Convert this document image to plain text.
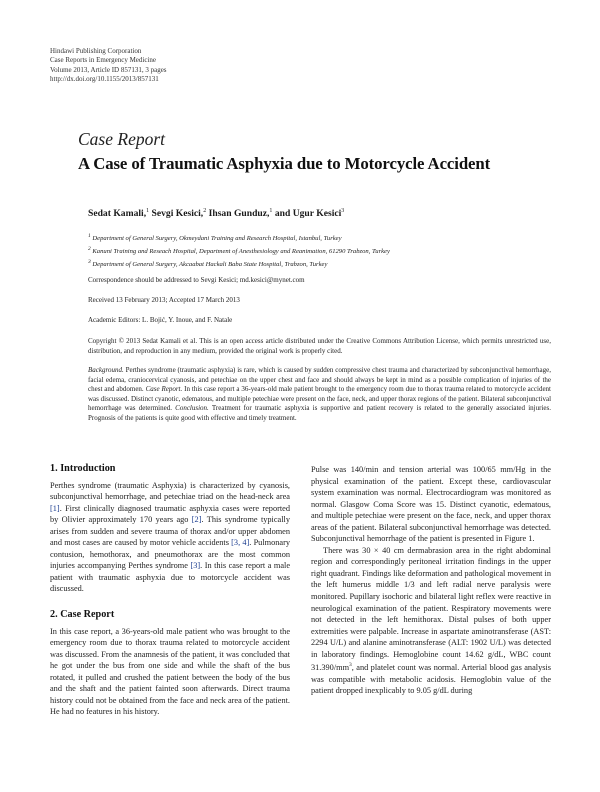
Hindawi Publishing Corporation
Case Reports in Emergency Medicine
Volume 2013, Article ID 857131, 3 pages
http://dx.doi.org/10.1155/2013/857131
Case Report
A Case of Traumatic Asphyxia due to Motorcycle Accident
Sedat Kamali,$^1$ Sevgi Kesici,$^2$ Ihsan Gunduz,$^1$ and Ugur Kesici$^3$
$^1$ Department of General Surgery, Okmeydani Training and Research Hospital, Istanbul, Turkey
$^2$ Kanuni Training and Reseach Hospital, Department of Anesthesiology and Reanimation, 61290 Trabzon, Turkey
$^3$ Department of General Surgery, Akcaabat Hackali Baba State Hospital, Trabzon, Turkey
Correspondence should be addressed to Sevgi Kesici; md.kesici@mynet.com
Received 13 February 2013; Accepted 17 March 2013
Academic Editors: L. Bojić, Y. Inoue, and F. Natale
Copyright © 2013 Sedat Kamali et al. This is an open access article distributed under the Creative Commons Attribution License, which permits unrestricted use, distribution, and reproduction in any medium, provided the original work is properly cited.
Background. Perthes syndrome (traumatic asphyxia) is rare, which is caused by sudden compressive chest trauma and characterized by subconjunctival hemorrhage, facial edema, craniocervical cyanosis, and petechiae on the upper chest and face and should always be kept in mind as a possible complication of injuries of the chest and abdomen. Case Report. In this case report a 36-years-old male patient brought to the emergency room due to thorax trauma related to motorcycle accident was discussed. Distinct cyanotic, edematous, and multiple petechiae were present on the face, neck, and upper thorax regions of the patient. Bilateral subconjunctival hemorrhage was determined. Conclusion. Treatment for traumatic asphyxia is supportive and patient recovery is related to the generally associated injuries. Prognosis of the patients is quite good with effective and timely treatment.

1. Introduction

Perthes syndrome (traumatic Asphyxia) is characterized by cyanosis, subconjunctival hemorrhage, and petechiae triad on the head-neck area [1]. First clinically diagnosed traumatic asphyxia cases were reported by Olivier approximately 170 years ago [2]. This syndrome typically arises from sudden and severe trauma of thorax and/or upper abdomen and most cases are caused by motor vehicle accidents [3, 4]. Pulmonary contusion, hemothorax, and pneumothorax are the most common injuries accompanying Perthes syndrome [3]. In this case report a male patient with traumatic asphyxia due to motorcycle accident was discussed.

2. Case Report

In this case report, a 36-years-old male patient who was brought to the emergency room due to thorax trauma related to motorcycle accident was discussed. From the anamnesis of the patient, it was concluded that he got under the bus from one side and while the shaft of the bus rotated, it pulled and crushed the patient between the body of the bus and the shaft and the patient fainted soon afterwards. Direct trauma history could not be obtained from the face and neck area of the patient. He had no features in his history.

Pulse was 140/min and tension arterial was 100/65 mm/Hg in the physical examination of the patient. Except these, cardiovascular system examination was normal. Electrocardiogram was monitored as normal. Glasgow Coma Score was 15. Distinct cyanotic, edematous, and multiple petechiae were present on the face, neck, and upper thorax areas of the patient. Bilateral subconjunctival hemorrhage was detected. Subconjunctival hemorrhage of the patient is presented in Figure 1.

There was 30 × 40 cm dermabrasion area in the right abdominal region and correspondingly peritoneal irritation findings in the upper right quadrant. Findings like deformation and pathological movement in the left humerus middle 1/3 and left radial nerve paralysis were monitored. Pupillary isochoric and bilateral light reflex were reactive in neurological examination of the patient. Respiratory movements were not detected in the left hemithorax. Distal pulses of both upper extremities were palpable. Increase in aspartate aminotransferase (AST: 2294 U/L) and alanine aminotransferase (ALT: 1902 U/L) was detected in laboratory findings. Hemoglobine count 14.62 g/dL, WBC count $31.390/mm^3$, and platelet count was normal. Arterial blood gas analysis was compatible with metabolic acidosis. Hemoglobin value of the patient dropped inexplicably to 9.05 g/dL during
